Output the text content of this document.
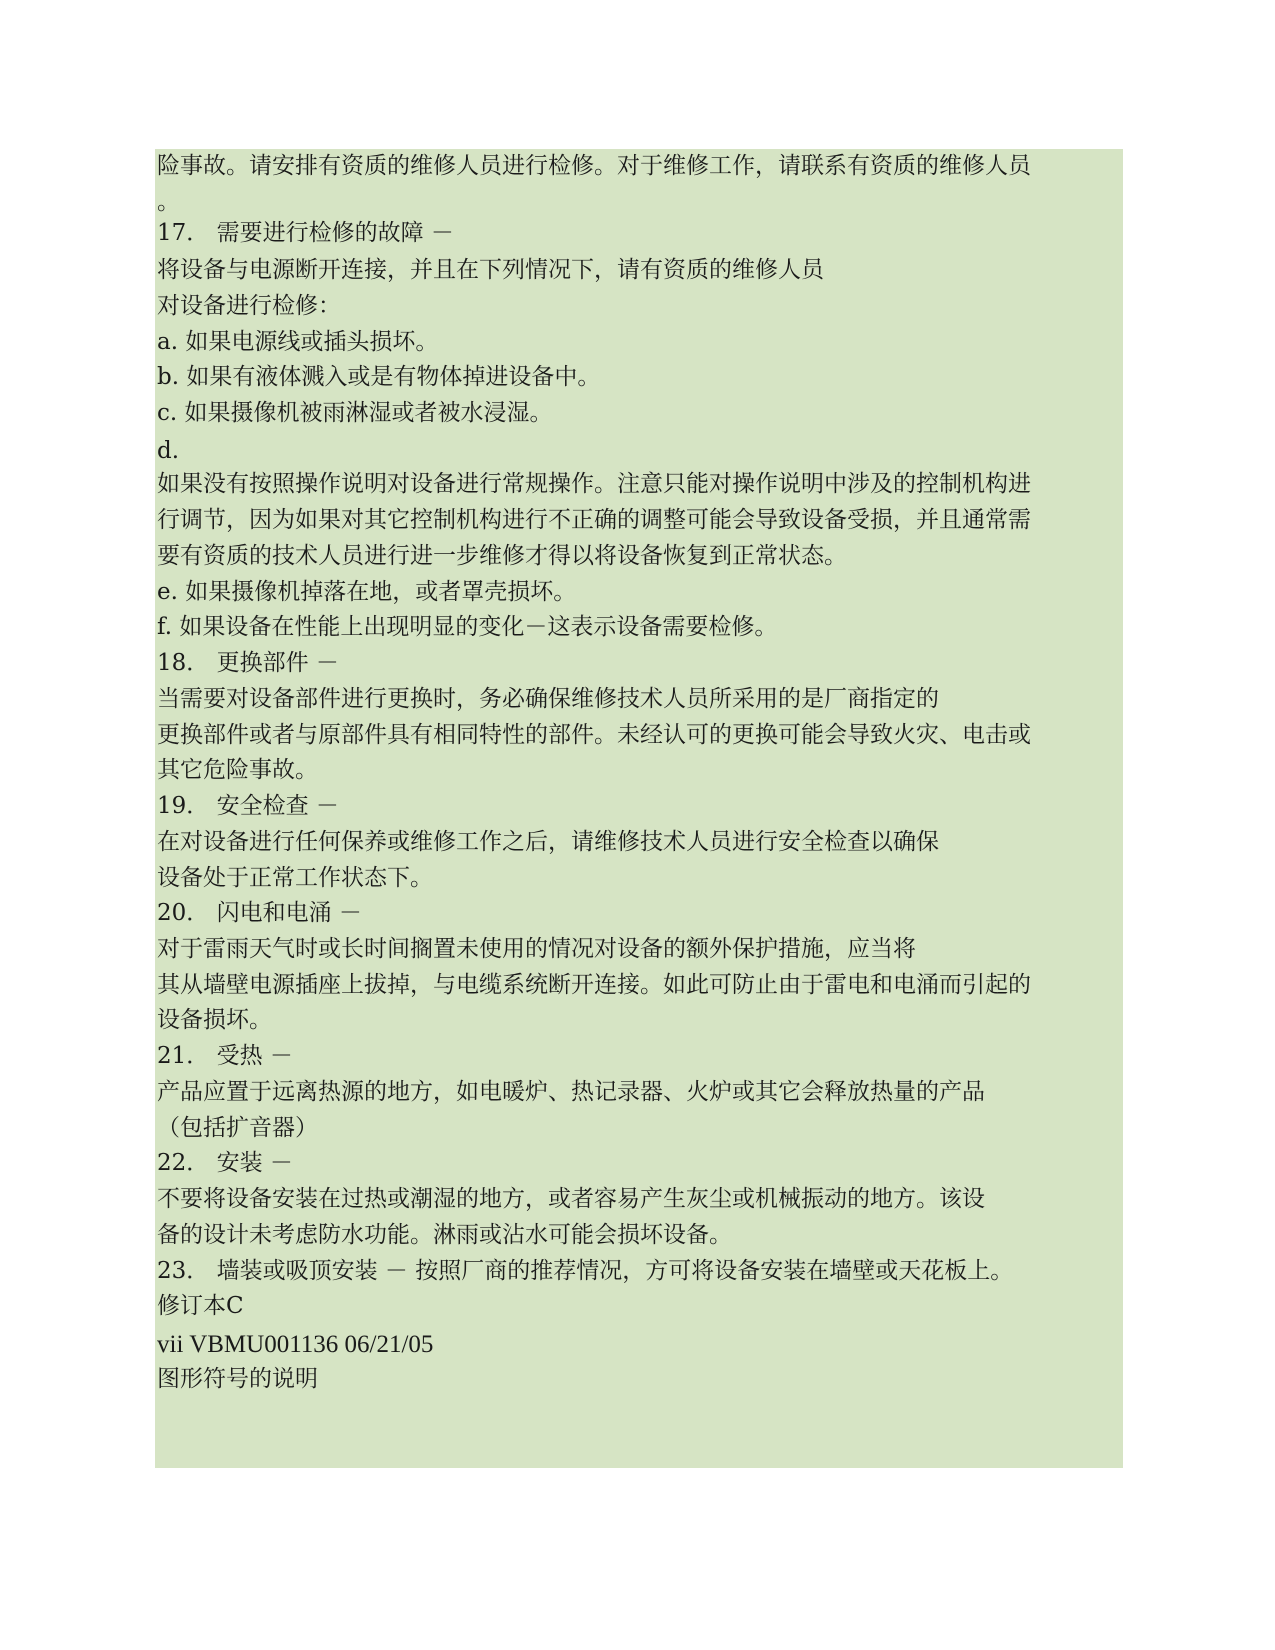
险事故。请安排有资质的维修人员进行检修。对于维修工作，请联系有资质的维修人员
。
17． 需要进行检修的故障 －
将设备与电源断开连接，并且在下列情况下，请有资质的维修人员
对设备进行检修：
a. 如果电源线或插头损坏。
b. 如果有液体溅入或是有物体掉进设备中。
c. 如果摄像机被雨淋湿或者被水浸湿。
d.
如果没有按照操作说明对设备进行常规操作。注意只能对操作说明中涉及的控制机构进
行调节，因为如果对其它控制机构进行不正确的调整可能会导致设备受损，并且通常需
要有资质的技术人员进行进一步维修才得以将设备恢复到正常状态。
e. 如果摄像机掉落在地，或者罩壳损坏。
f. 如果设备在性能上出现明显的变化－这表示设备需要检修。
18． 更换部件 －
当需要对设备部件进行更换时，务必确保维修技术人员所采用的是厂商指定的
更换部件或者与原部件具有相同特性的部件。未经认可的更换可能会导致火灾、电击或
其它危险事故。
19． 安全检查 －
在对设备进行任何保养或维修工作之后，请维修技术人员进行安全检查以确保
设备处于正常工作状态下。
20． 闪电和电涌 －
对于雷雨天气时或长时间搁置未使用的情况对设备的额外保护措施，应当将
其从墙壁电源插座上拔掉，与电缆系统断开连接。如此可防止由于雷电和电涌而引起的
设备损坏。
21． 受热 －
产品应置于远离热源的地方，如电暖炉、热记录器、火炉或其它会释放热量的产品
（包括扩音器）
22． 安装 －
不要将设备安装在过热或潮湿的地方，或者容易产生灰尘或机械振动的地方。该设
备的设计未考虑防水功能。淋雨或沾水可能会损坏设备。
23． 墙装或吸顶安装 － 按照厂商的推荐情况，方可将设备安装在墙壁或天花板上。
修订本C
vii VBMU001136 06/21/05
图形符号的说明
